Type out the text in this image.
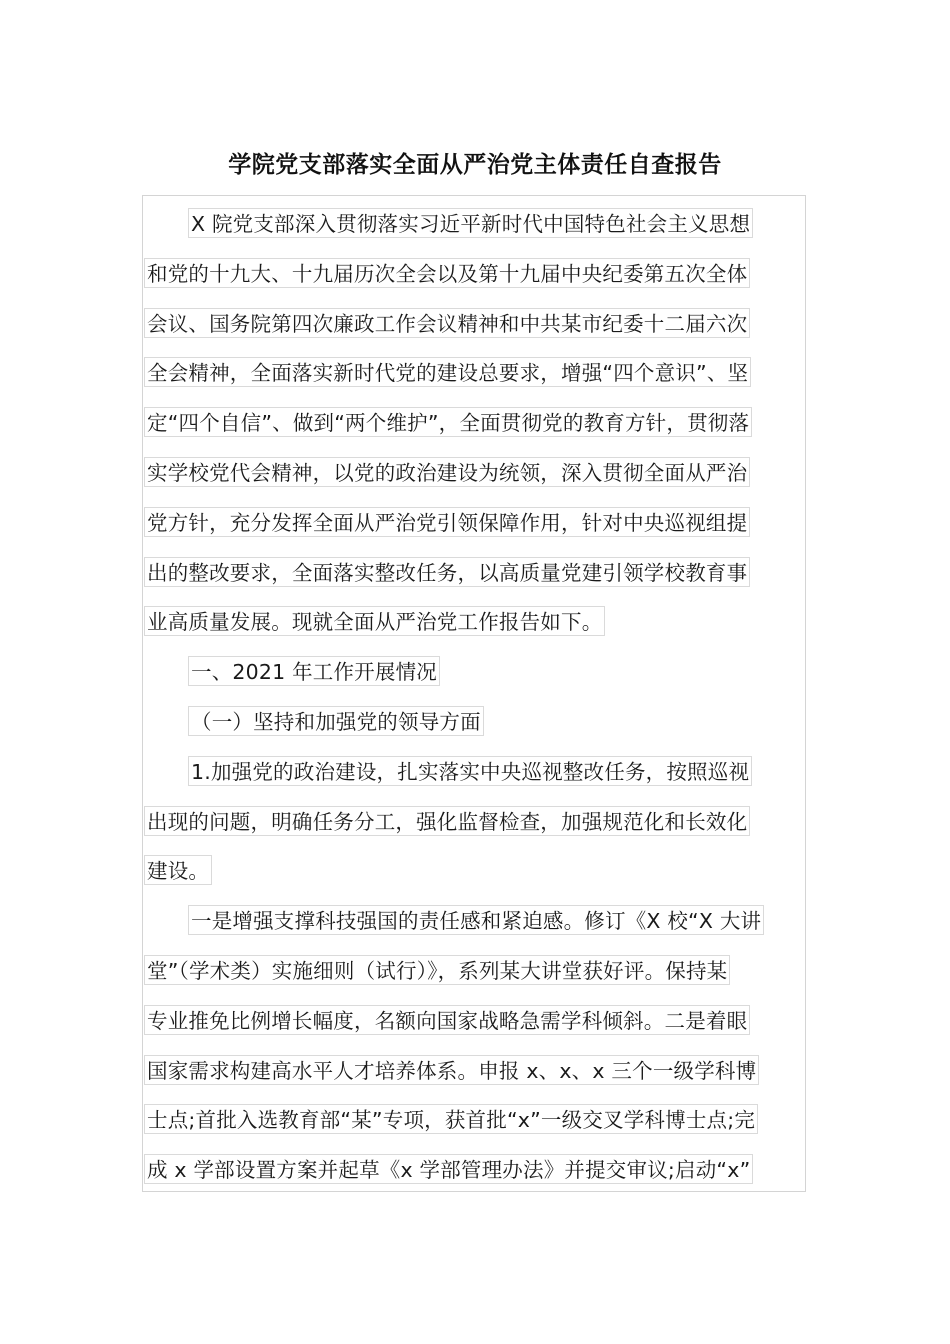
学院党支部落实全面从严治党主体责任自查报告
X 院党支部深入贯彻落实习近平新时代中国特色社会主义思想
和党的十九大、十九届历次全会以及第十九届中央纪委第五次全体
会议、国务院第四次廉政工作会议精神和中共某市纪委十二届六次
全会精神，全面落实新时代党的建设总要求，增强“四个意识”、坚
定“四个自信”、做到“两个维护”，全面贯彻党的教育方针，贯彻落
实学校党代会精神，以党的政治建设为统领，深入贯彻全面从严治
党方针，充分发挥全面从严治党引领保障作用，针对中央巡视组提
出的整改要求，全面落实整改任务，以高质量党建引领学校教育事
业高质量发展。现就全面从严治党工作报告如下。
一、2021 年工作开展情况
（一）坚持和加强党的领导方面
1.加强党的政治建设，扎实落实中央巡视整改任务，按照巡视
出现的问题，明确任务分工，强化监督检查，加强规范化和长效化
建设。
一是增强支撑科技强国的责任感和紧迫感。修订《X 校“X 大讲
堂”（学术类）实施细则（试行）》，系列某大讲堂获好评。保持某
专业推免比例增长幅度，名额向国家战略急需学科倾斜。二是着眼
国家需求构建高水平人才培养体系。申报 x、x、x 三个一级学科博
士点;首批入选教育部“某”专项，获首批“x”一级交叉学科博士点;完
成 x 学部设置方案并起草《x 学部管理办法》并提交审议;启动“x”
